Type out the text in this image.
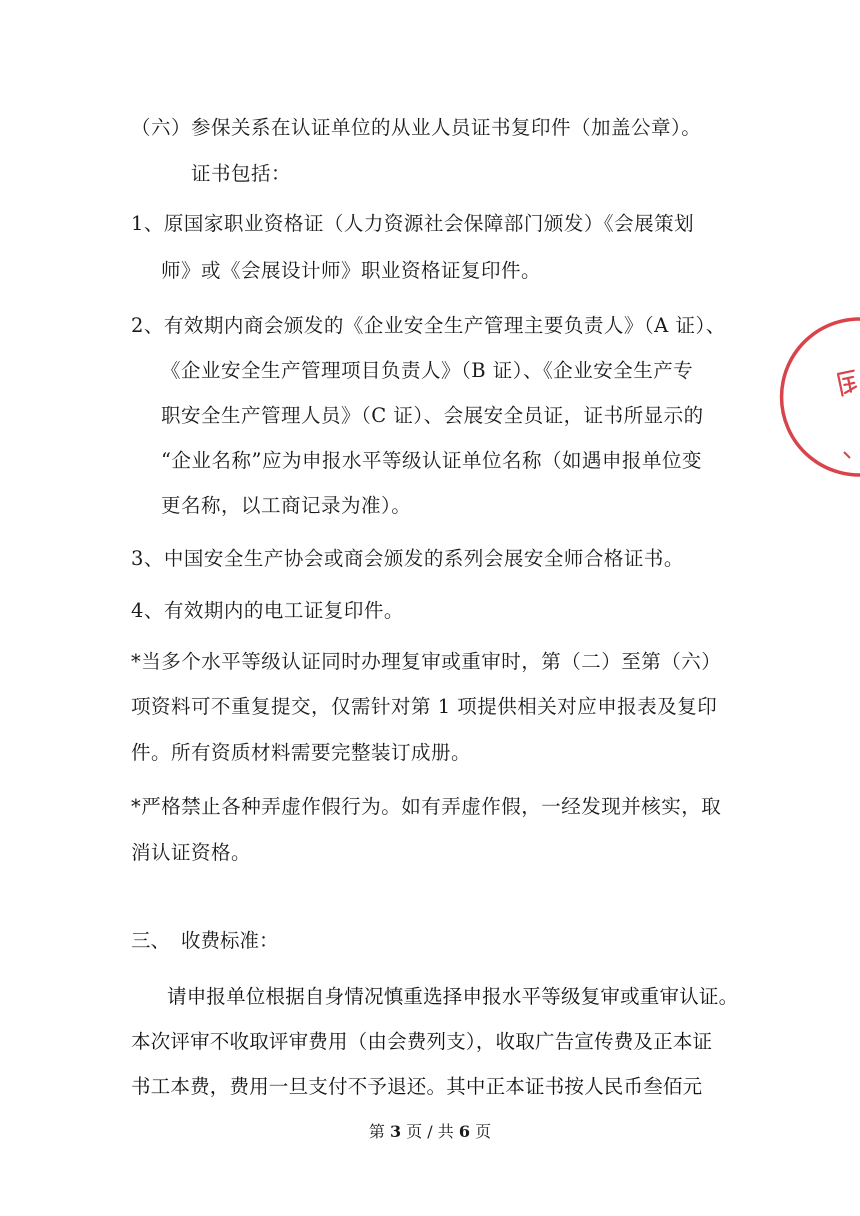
（六）参保关系在认证单位的从业人员证书复印件（加盖公章）。
证书包括：
1、原国家职业资格证（人力资源社会保障部门颁发）《会展策划
师》或《会展设计师》职业资格证复印件。
2、有效期内商会颁发的《企业安全生产管理主要负责人》（A 证）、
《企业安全生产管理项目负责人》（B 证）、《企业安全生产专
职安全生产管理人员》（C 证）、会展安全员证，证书所显示的
“企业名称”应为申报水平等级认证单位名称（如遇申报单位变
更名称，以工商记录为准）。
3、中国安全生产协会或商会颁发的系列会展安全师合格证书。
4、有效期内的电工证复印件。
*当多个水平等级认证同时办理复审或重审时，第（二）至第（六）
项资料可不重复提交，仅需针对第 1 项提供相关对应申报表及复印
件。所有资质材料需要完整装订成册。
*严格禁止各种弄虚作假行为。如有弄虚作假，一经发现并核实，取
消认证资格。
三、 收费标准：
请申报单位根据自身情况慎重选择申报水平等级复审或重审认证。
本次评审不收取评审费用（由会费列支），收取广告宣传费及正本证
书工本费，费用一旦支付不予退还。其中正本证书按人民币叁佰元
第 3 页 / 共 6 页
